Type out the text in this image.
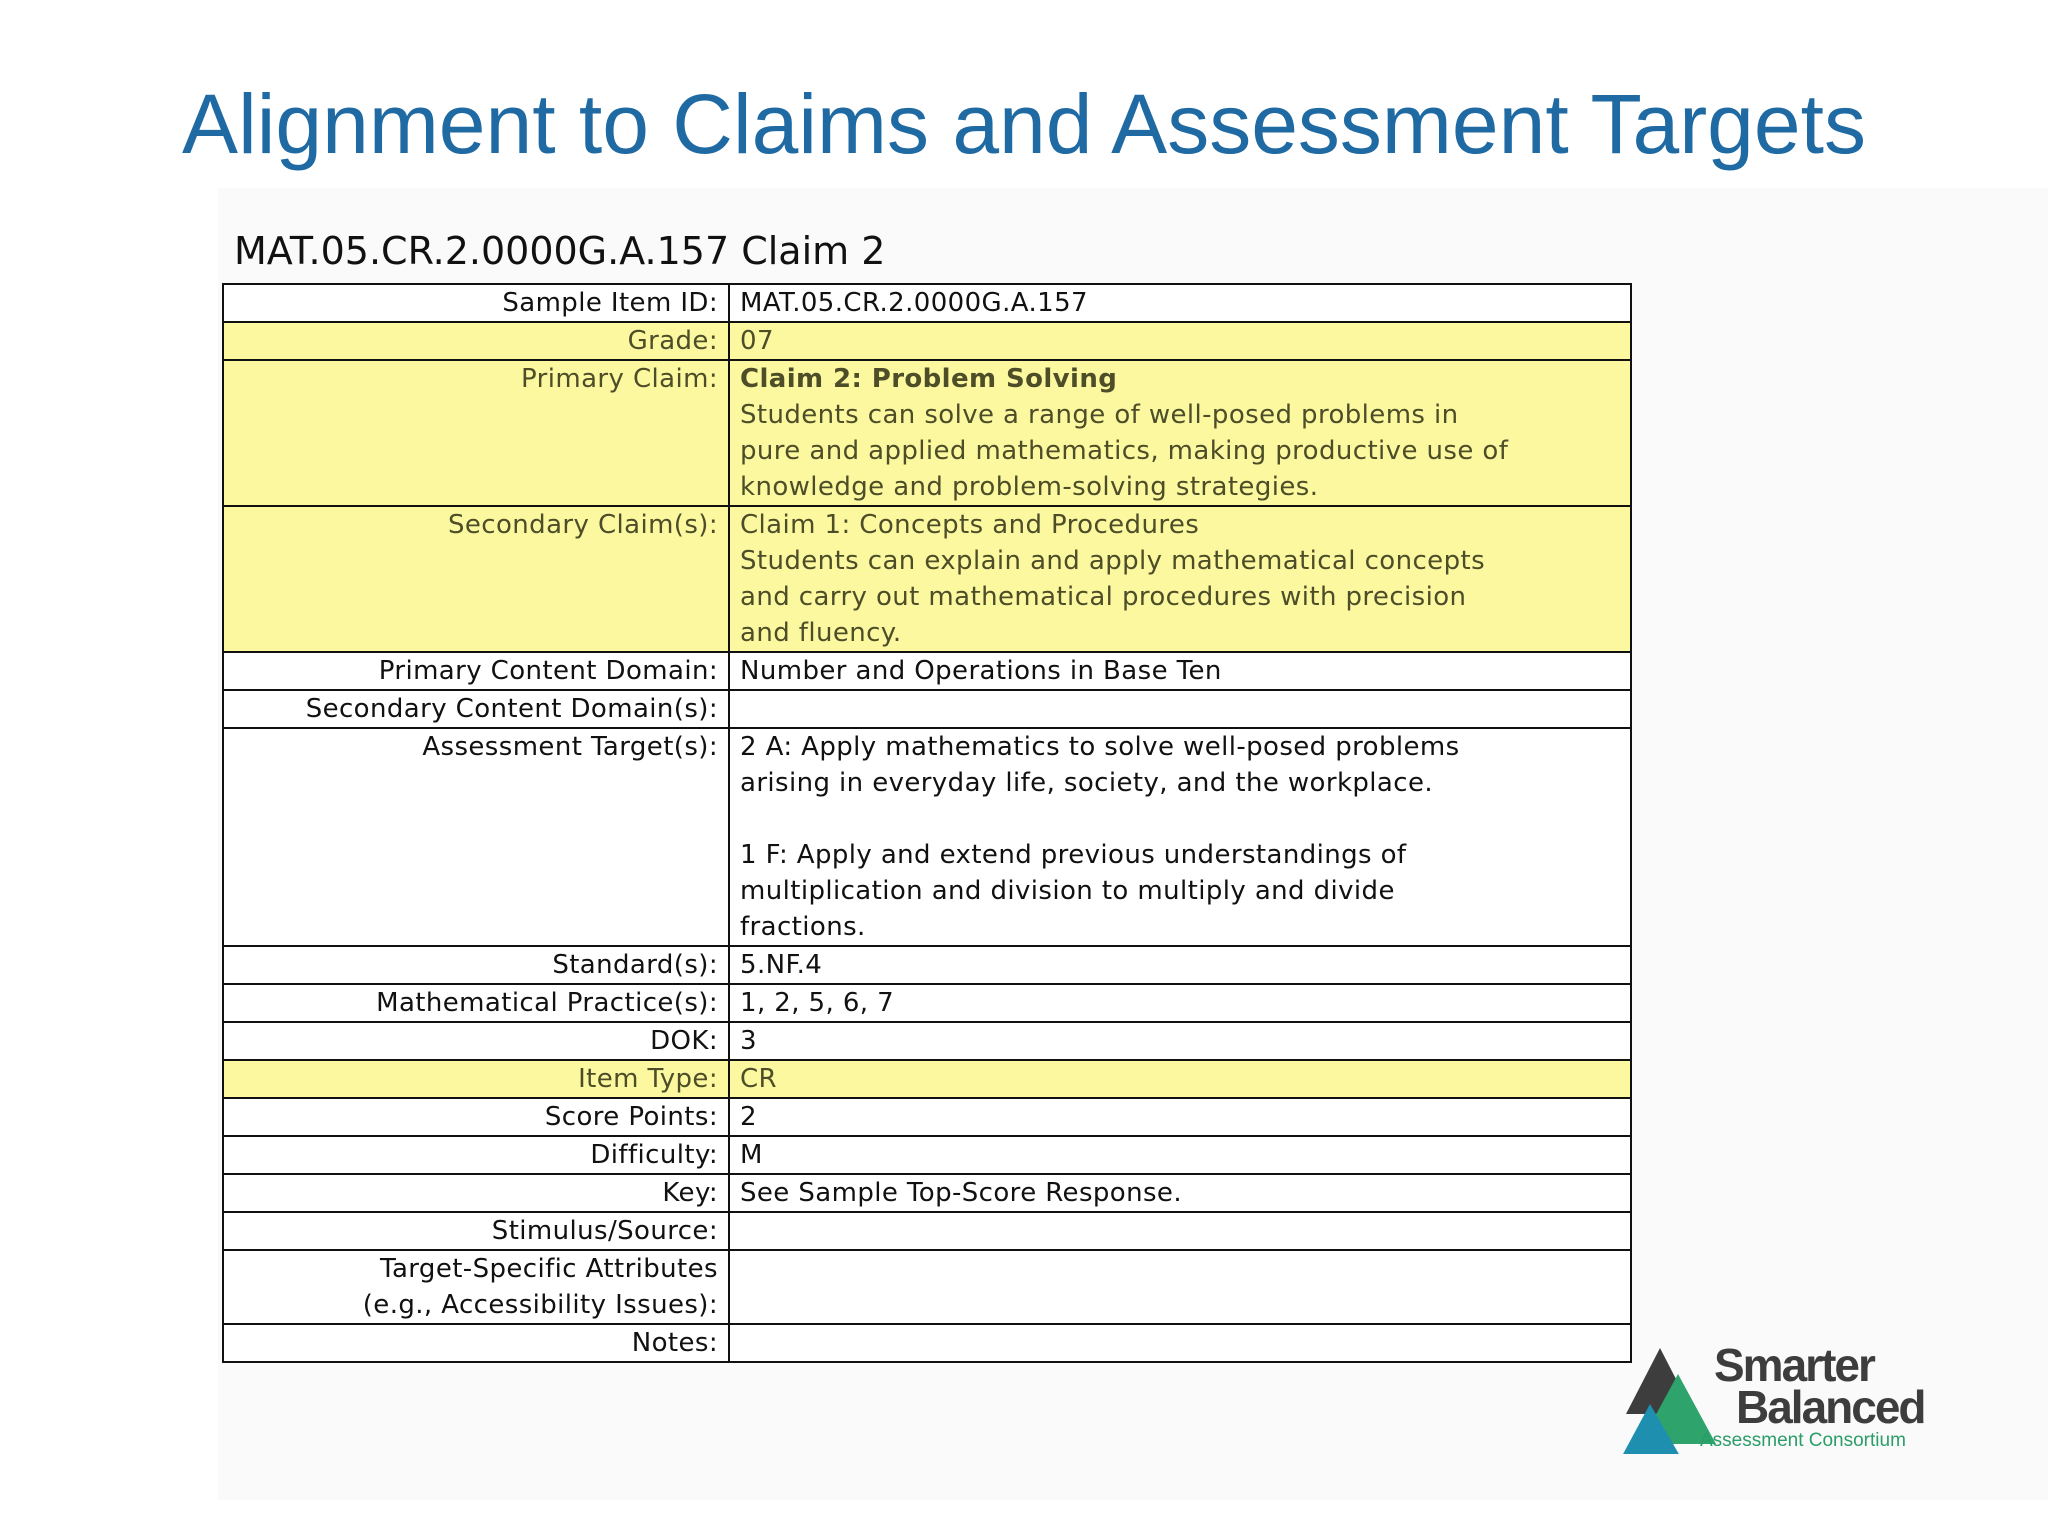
Alignment to Claims and Assessment Targets
MAT.05.CR.2.0000G.A.157 Claim 2
Sample Item ID:	MAT.05.CR.2.0000G.A.157
Grade:	07
Primary Claim:	Claim 2: Problem Solving
Students can solve a range of well-posed problems in
pure and applied mathematics, making productive use of
knowledge and problem-solving strategies.

Secondary Claim(s):	Claim 1: Concepts and Procedures
Students can explain and apply mathematical concepts
and carry out mathematical procedures with precision
and fluency.

Primary Content Domain:	Number and Operations in Base Ten
Secondary Content Domain(s):	
Assessment Target(s):	2 A: Apply mathematics to solve well-posed problems
arising in everyday life, society, and the workplace.
1 F: Apply and extend previous understandings of
multiplication and division to multiply and divide
fractions.

Standard(s):	5.NF.4
Mathematical Practice(s):	1, 2, 5, 6, 7
DOK:	3
Item Type:	CR
Score Points:	2
Difficulty:	M
Key:	See Sample Top-Score Response.
Stimulus/Source:	

Target-Specific Attributes
(e.g., Accessibility Issues):	

Notes:		Smarter
Balanced
Assessment Consortium
